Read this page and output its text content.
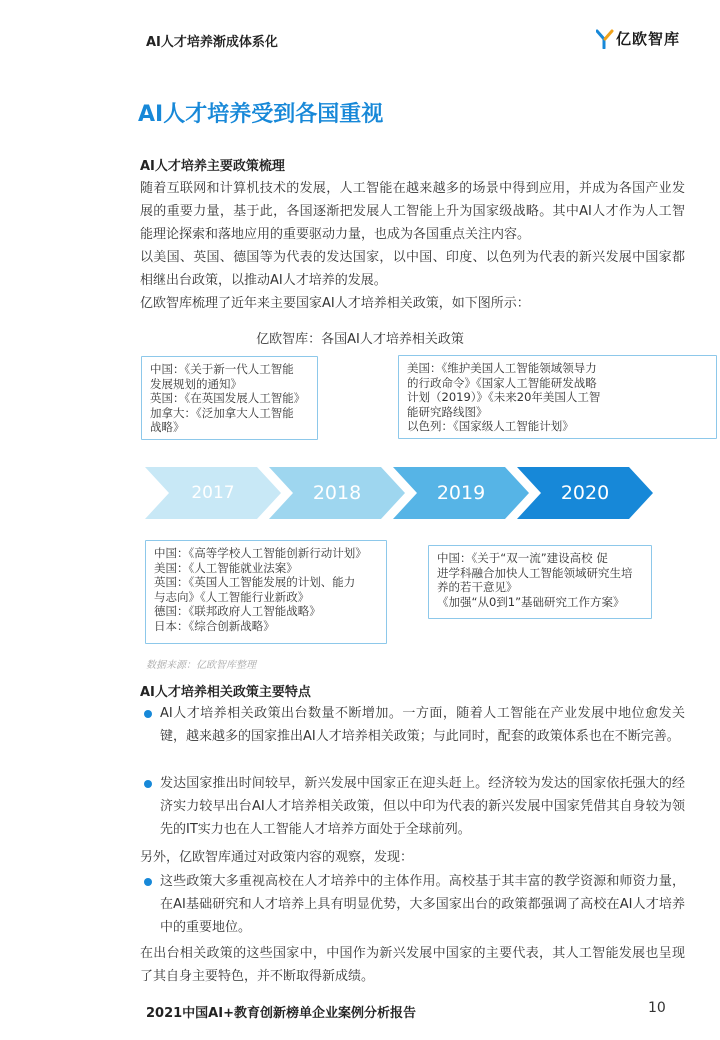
AI人才培养渐成体系化	亿欧智库
AI人才培养受到各国重视
AI人才培养主要政策梳理
随着互联网和计算机技术的发展，人工智能在越来越多的场景中得到应用，并成为各国产业发展的重要力量，基于此，各国逐渐把发展人工智能上升为国家级战略。其中AI人才作为人工智能理论探索和落地应用的重要驱动力量，也成为各国重点关注内容。
以美国、英国、德国等为代表的发达国家，以中国、印度、以色列为代表的新兴发展中国家都相继出台政策，以推动AI人才培养的发展。
亿欧智库梳理了近年来主要国家AI人才培养相关政策，如下图所示：
亿欧智库：各国AI人才培养相关政策
中国：《关于新一代人工智能
发展规划的通知》
英国：《在英国发展人工智能》
加拿大：《泛加拿大人工智能
战略》
美国：《维护美国人工智能领域领导力
的行政命令》《国家人工智能研发战略
计划（2019）》《未来20年美国人工智
能研究路线图》
以色列：《国家级人工智能计划》
2017	2018	2019	2020
中国：《高等学校人工智能创新行动计划》
美国：《人工智能就业法案》
英国：《英国人工智能发展的计划、能力
与志向》《人工智能行业新政》
德国：《联邦政府人工智能战略》
日本：《综合创新战略》
中国：《关于“双一流”建设高校 促
进学科融合加快人工智能领域研究生培
养的若干意见》
《加强“从0到1”基础研究工作方案》
数据来源：亿欧智库整理
AI人才培养相关政策主要特点
AI人才培养相关政策出台数量不断增加。一方面，随着人工智能在产业发展中地位愈发关键，越来越多的国家推出AI人才培养相关政策；与此同时，配套的政策体系也在不断完善。
发达国家推出时间较早，新兴发展中国家正在迎头赶上。经济较为发达的国家依托强大的经济实力较早出台AI人才培养相关政策，但以中印为代表的新兴发展中国家凭借其自身较为领先的IT实力也在人工智能人才培养方面处于全球前列。
另外，亿欧智库通过对政策内容的观察，发现：
这些政策大多重视高校在人才培养中的主体作用。高校基于其丰富的教学资源和师资力量，在AI基础研究和人才培养上具有明显优势，大多国家出台的政策都强调了高校在AI人才培养中的重要地位。
在出台相关政策的这些国家中，中国作为新兴发展中国家的主要代表，其人工智能发展也呈现了其自身主要特色，并不断取得新成绩。
2021中国AI+教育创新榜单企业案例分析报告	10
